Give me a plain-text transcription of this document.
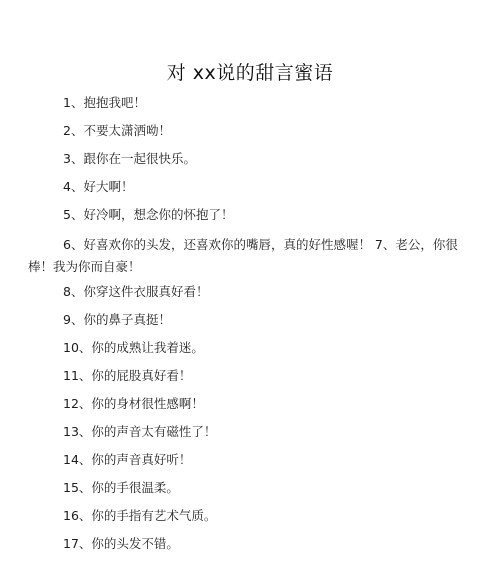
对 xx说的甜言蜜语
1、抱抱我吧！
2、不要太潇洒呦！
3、跟你在一起很快乐。
4、好大啊！
5、好冷啊，想念你的怀抱了！
6、好喜欢你的头发，还喜欢你的嘴唇，真的好性感喔！ 7、老公，你很
棒！我为你而自豪！
8、你穿这件衣服真好看！
9、你的鼻子真挺！
10、你的成熟让我着迷。
11、你的屁股真好看！
12、你的身材很性感啊！
13、你的声音太有磁性了！
14、你的声音真好听！
15、你的手很温柔。
16、你的手指有艺术气质。
17、你的头发不错。
